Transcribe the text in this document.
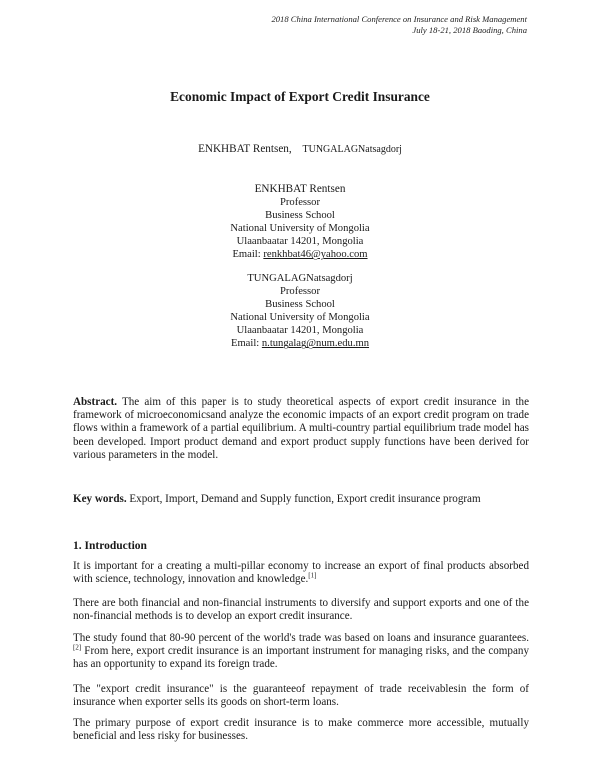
2018 China International Conference on Insurance and Risk Management
July 18-21, 2018 Baoding, China
Economic Impact of Export Credit Insurance
ENKHBAT Rentsen, TUNGALAGNatsagdorj
ENKHBAT Rentsen
Professor
Business School
National University of Mongolia
Ulaanbaatar 14201, Mongolia
Email: renkhbat46@yahoo.com
TUNGALAGNatsagdorj
Professor
Business School
National University of Mongolia
Ulaanbaatar 14201, Mongolia
Email: n.tungalag@num.edu.mn
Abstract. The aim of this paper is to study theoretical aspects of export credit insurance in the framework of microeconomicsand analyze the economic impacts of an export credit program on trade flows within a framework of a partial equilibrium. A multi-country partial equilibrium trade model has been developed. Import product demand and export product supply functions have been derived for various parameters in the model.
Key words. Export, Import, Demand and Supply function, Export credit insurance program
1. Introduction
It is important for a creating a multi-pillar economy to increase an export of final products absorbed with science, technology, innovation and knowledge.[1]
There are both financial and non-financial instruments to diversify and support exports and one of the non-financial methods is to develop an export credit insurance.
The study found that 80-90 percent of the world's trade was based on loans and insurance guarantees.[2] From here, export credit insurance is an important instrument for managing risks, and the company has an opportunity to expand its foreign trade.
The "export credit insurance" is the guaranteeof repayment of trade receivablesin the form of insurance when exporter sells its goods on short-term loans.
The primary purpose of export credit insurance is to make commerce more accessible, mutually beneficial and less risky for businesses.
